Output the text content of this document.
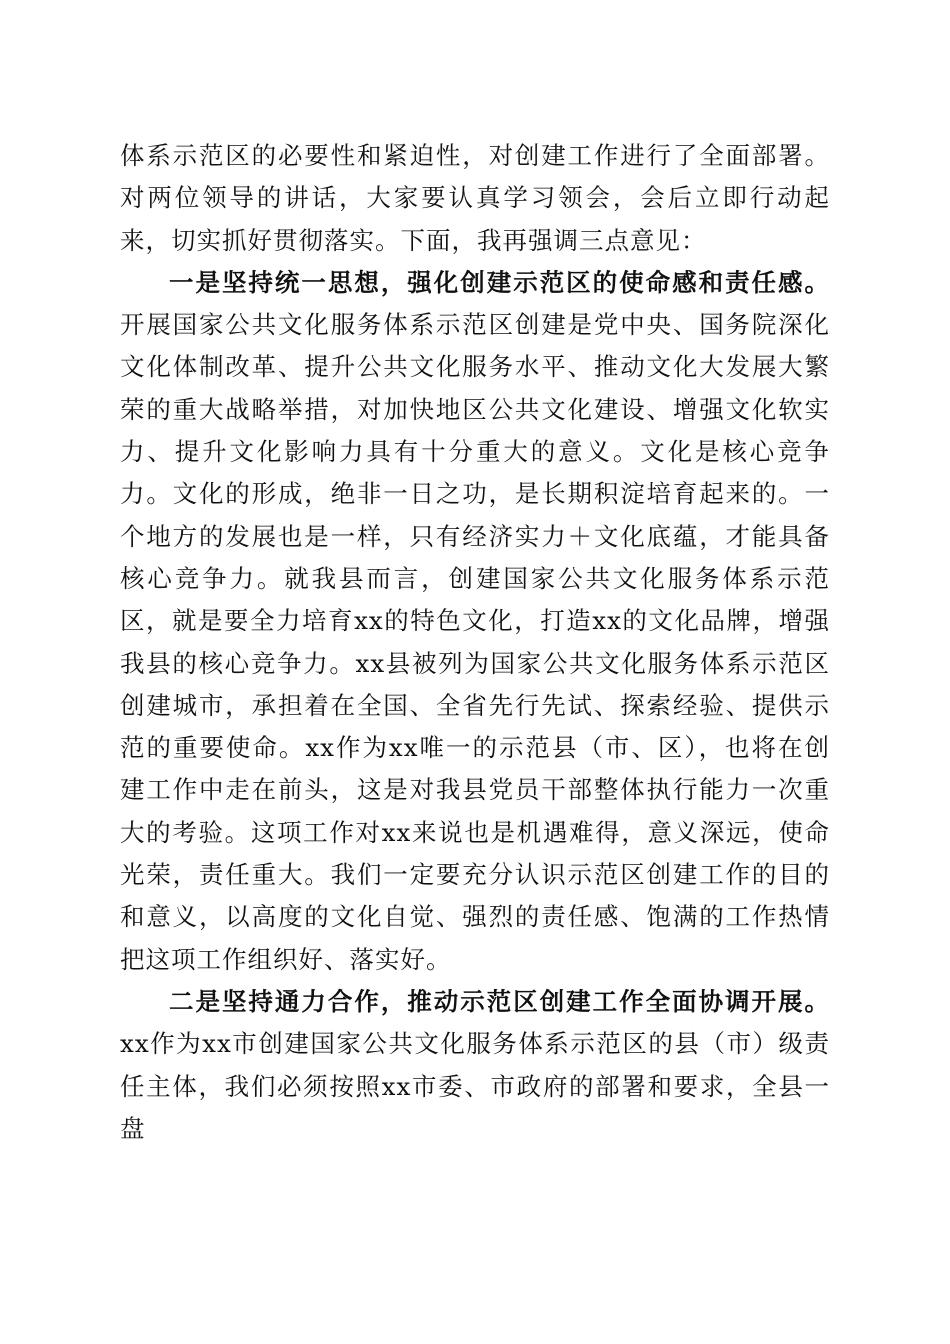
体系示范区的必要性和紧迫性，对创建工作进行了全面部署。对两位领导的讲话，大家要认真学习领会，会后立即行动起来，切实抓好贯彻落实。下面，我再强调三点意见：

一是坚持统一思想，强化创建示范区的使命感和责任感。开展国家公共文化服务体系示范区创建是党中央、国务院深化文化体制改革、提升公共文化服务水平、推动文化大发展大繁荣的重大战略举措，对加快地区公共文化建设、增强文化软实力、提升文化影响力具有十分重大的意义。文化是核心竞争力。文化的形成，绝非一日之功，是长期积淀培育起来的。一个地方的发展也是一样，只有经济实力＋文化底蕴，才能具备核心竞争力。就我县而言，创建国家公共文化服务体系示范区，就是要全力培育xx的特色文化，打造xx的文化品牌，增强我县的核心竞争力。xx县被列为国家公共文化服务体系示范区创建城市，承担着在全国、全省先行先试、探索经验、提供示范的重要使命。xx作为xx唯一的示范县（市、区），也将在创建工作中走在前头，这是对我县党员干部整体执行能力一次重大的考验。这项工作对xx来说也是机遇难得，意义深远，使命光荣，责任重大。我们一定要充分认识示范区创建工作的目的和意义，以高度的文化自觉、强烈的责任感、饱满的工作热情把这项工作组织好、落实好。

二是坚持通力合作，推动示范区创建工作全面协调开展。xx作为xx市创建国家公共文化服务体系示范区的县（市）级责任主体，我们必须按照xx市委、市政府的部署和要求，全县一盘
